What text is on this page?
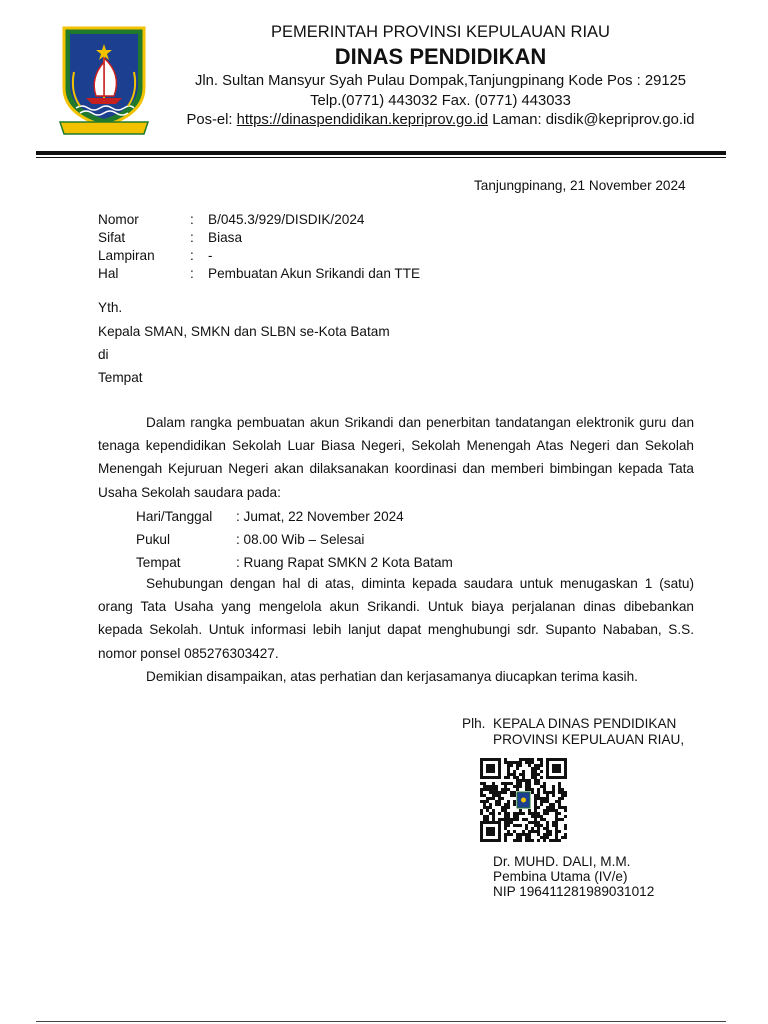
PEMERINTAH PROVINSI KEPULAUAN RIAU
DINAS PENDIDIKAN
Jln. Sultan Mansyur Syah Pulau Dompak,Tanjungpinang Kode Pos : 29125
Telp.(0771) 443032 Fax. (0771) 443033
Pos-el: https://dinaspendidikan.kepriprov.go.id Laman: disdik@kepriprov.go.id
Tanjungpinang, 21 November 2024
Nomor	: B/045.3/929/DISDIK/2024
Sifat	: Biasa
Lampiran	: -
Hal	: Pembuatan Akun Srikandi dan TTE
Yth.
Kepala SMAN, SMKN dan SLBN se-Kota Batam
di
Tempat
Dalam rangka pembuatan akun Srikandi dan penerbitan tandatangan elektronik guru dan tenaga kependidikan Sekolah Luar Biasa Negeri, Sekolah Menengah Atas Negeri dan Sekolah Menengah Kejuruan Negeri akan dilaksanakan koordinasi dan memberi bimbingan kepada Tata Usaha Sekolah saudara pada:
Hari/Tanggal : Jumat, 22 November 2024
Pukul	: 08.00 Wib – Selesai
Tempat	: Ruang Rapat SMKN 2 Kota Batam
Sehubungan dengan hal di atas, diminta kepada saudara untuk menugaskan 1 (satu) orang Tata Usaha yang mengelola akun Srikandi. Untuk biaya perjalanan dinas dibebankan kepada Sekolah. Untuk informasi lebih lanjut dapat menghubungi sdr. Supanto Nababan, S.S. nomor ponsel 085276303427.
Demikian disampaikan, atas perhatian dan kerjasamanya diucapkan terima kasih.
Plh. KEPALA DINAS PENDIDIKAN
PROVINSI KEPULAUAN RIAU,
Dr. MUHD. DALI, M.M.
Pembina Utama (IV/e)
NIP 196411281989031012
